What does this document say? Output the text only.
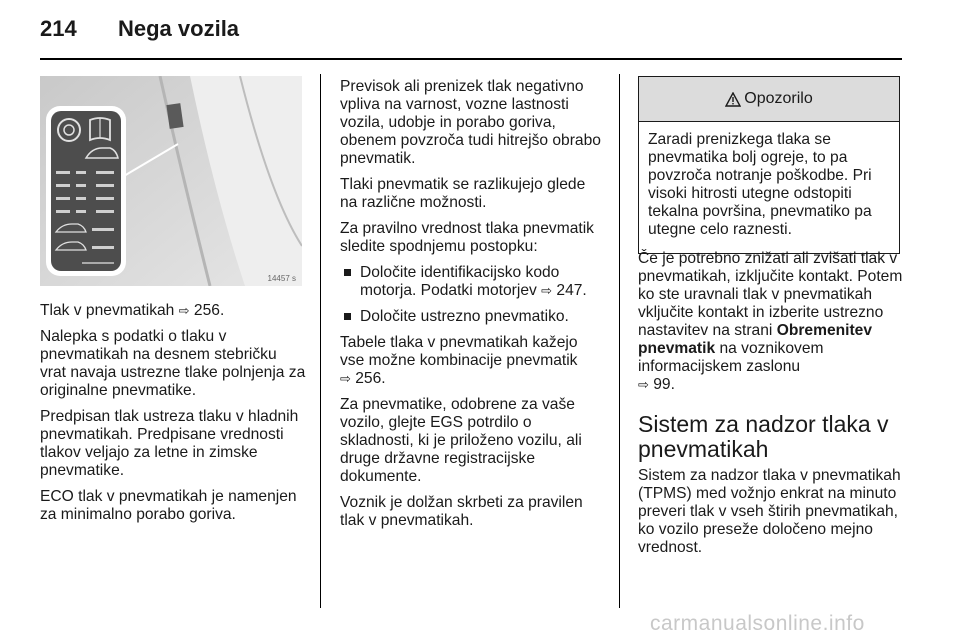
214 Nega vozila
14457 s

Tlak v pnevmatikah ⇨ 256.

Nalepka s podatki o tlaku v pnevmatikah na desnem stebričku vrat navaja ustrezne tlake polnjenja za originalne pnevmatike.

Predpisan tlak ustreza tlaku v hladnih pnevmatikah. Predpisane vrednosti tlakov veljajo za letne in zimske pnevmatike.

ECO tlak v pnevmatikah je namenjen za minimalno porabo goriva.

Previsok ali prenizek tlak negativno vpliva na varnost, vozne lastnosti vozila, udobje in porabo goriva, obenem povzroča tudi hitrejšo obrabo pnevmatik.

Tlaki pnevmatik se razlikujejo glede na različne možnosti.

Za pravilno vrednost tlaka pnevmatik sledite spodnjemu postopku:

Določite identifikacijsko kodo motorja. Podatki motorjev ⇨ 247.
Določite ustrezno pnevmatiko.

Tabele tlaka v pnevmatikah kažejo vse možne kombinacije pnevmatik
⇨ 256.

Za pnevmatike, odobrene za vaše vozilo, glejte EGS potrdilo o skladnosti, ki je priloženo vozilu, ali druge državne registracijske dokumente.

Voznik je dolžan skrbeti za pravilen tlak v pnevmatikah.

Opozorilo
Zaradi prenizkega tlaka se pnevmatika bolj ogreje, to pa povzroča notranje poškodbe. Pri visoki hitrosti utegne odstopiti tekalna površina, pnevmatiko pa utegne celo raznesti.

Če je potrebno znižati ali zvišati tlak v pnevmatikah, izključite kontakt. Potem ko ste uravnali tlak v pnevmatikah vključite kontakt in izberite ustrezno nastavitev na strani Obremenitev pnevmatik na voznikovem informacijskem zaslonu
⇨ 99.

Sistem za nadzor tlaka v pnevmatikah

Sistem za nadzor tlaka v pnevmatikah (TPMS) med vožnjo enkrat na minuto preveri tlak v vseh štirih pnevmatikah, ko vozilo preseže določeno mejno vrednost.

carmanualsonline.info
